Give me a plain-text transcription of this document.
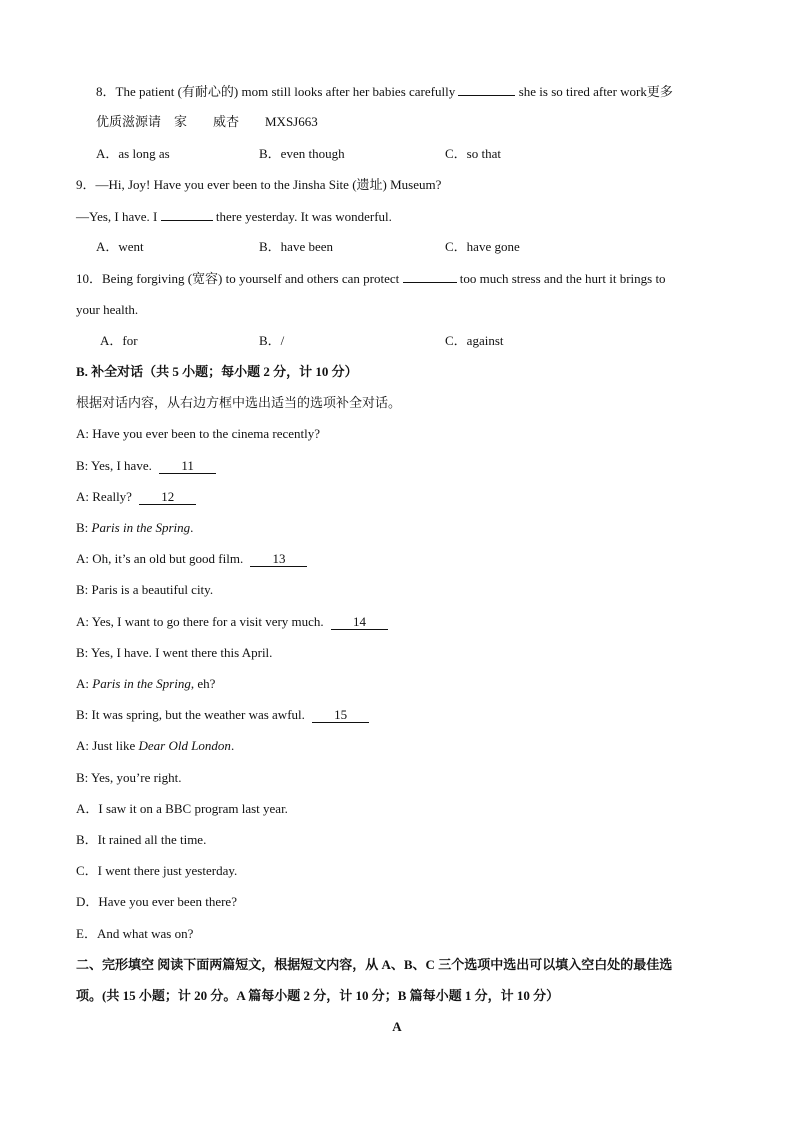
8．The patient (有耐心的) mom still looks after her babies carefully	she is so tired after work更多
优质滋源请　家　　威杏　　MXSJ663
A．as long as	B．even though	C．so that
9．—Hi, Joy! Have you ever been to the Jinsha Site (遗址) Museum?
—Yes, I have. I	there yesterday. It was wonderful.
A．went	B．have been	C．have gone
10．Being forgiving (宽容) to yourself and others can protect	too much stress and the hurt it brings to
your health.
A．for	B．/	C．against
B. 补全对话（共 5 小题；每小题 2 分，计 10 分）
根据对话内容，从右边方框中选出适当的选项补全对话。
A: Have you ever been to the cinema recently?
B: Yes, I have. 11
A: Really? 12
B: Paris in the Spring.
A: Oh, it’s an old but good film. 13
B: Paris is a beautiful city.
A: Yes, I want to go there for a visit very much. 14
B: Yes, I have. I went there this April.
A: Paris in the Spring, eh?
B: It was spring, but the weather was awful. 15
A: Just like Dear Old London.
B: Yes, you’re right.
A．I saw it on a BBC program last year.
B．It rained all the time.
C．I went there just yesterday.
D．Have you ever been there?
E．And what was on?
二、完形填空 阅读下面两篇短文，根据短文内容，从 A、B、C 三个选项中选出可以填入空白处的最佳选
项。(共 15 小题；计 20 分。A 篇每小题 2 分，计 10 分；B 篇每小题 1 分，计 10 分）
A
